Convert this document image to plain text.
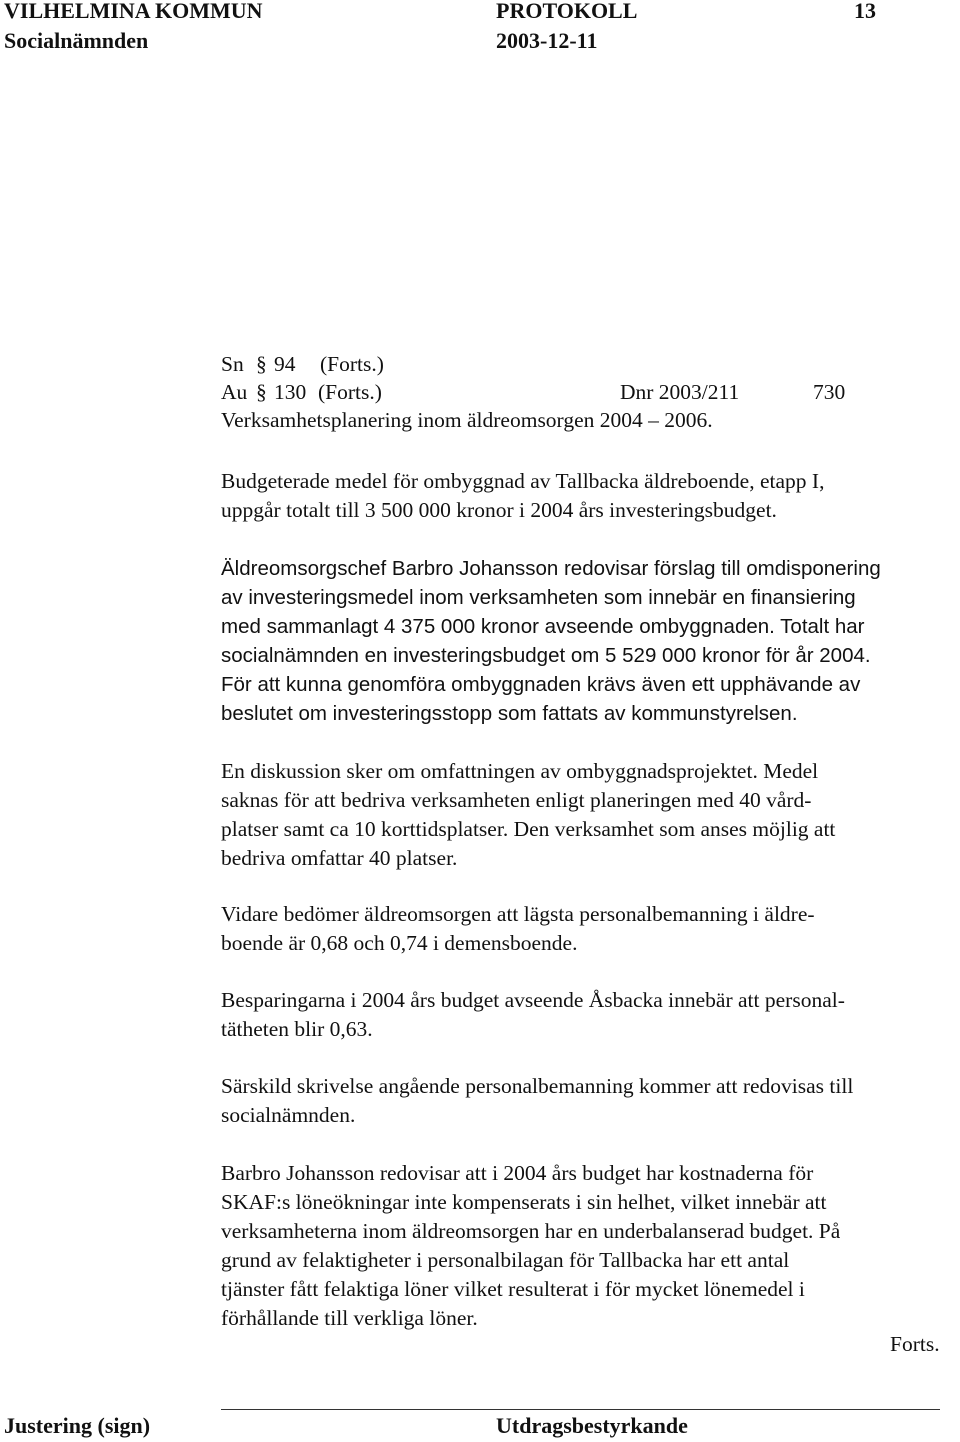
VILHELMINA KOMMUN	PROTOKOLL	13
Socialnämnden	2003-12-11
Sn § 94 (Forts.)
Au § 130 (Forts.)	Dnr 2003/211	730
Verksamhetsplanering inom äldreomsorgen 2004 – 2006.
Budgeterade medel för ombyggnad av Tallbacka äldreboende, etapp I,
uppgår totalt till 3 500 000 kronor i 2004 års investeringsbudget.
Äldreomsorgschef Barbro Johansson redovisar förslag till omdisponering
av investeringsmedel inom verksamheten som innebär en finansiering
med sammanlagt 4 375 000 kronor avseende ombyggnaden. Totalt har
socialnämnden en investeringsbudget om 5 529 000 kronor för år 2004.
För att kunna genomföra ombyggnaden krävs även ett upphävande av
beslutet om investeringsstopp som fattats av kommunstyrelsen.
En diskussion sker om omfattningen av ombyggnadsprojektet. Medel
saknas för att bedriva verksamheten enligt planeringen med 40 vård-
platser samt ca 10 korttidsplatser. Den verksamhet som anses möjlig att
bedriva omfattar 40 platser.
Vidare bedömer äldreomsorgen att lägsta personalbemanning i äldre-
boende är 0,68 och 0,74 i demensboende.
Besparingarna i 2004 års budget avseende Åsbacka innebär att personal-
tätheten blir 0,63.
Särskild skrivelse angående personalbemanning kommer att redovisas till
socialnämnden.
Barbro Johansson redovisar att i 2004 års budget har kostnaderna för
SKAF:s löneökningar inte kompenserats i sin helhet, vilket innebär att
verksamheterna inom äldreomsorgen har en underbalanserad budget. På
grund av felaktigheter i personalbilagan för Tallbacka har ett antal
tjänster fått felaktiga löner vilket resulterat i för mycket lönemedel i
förhållande till verkliga löner.
Forts.
Justering (sign)	Utdragsbestyrkande
